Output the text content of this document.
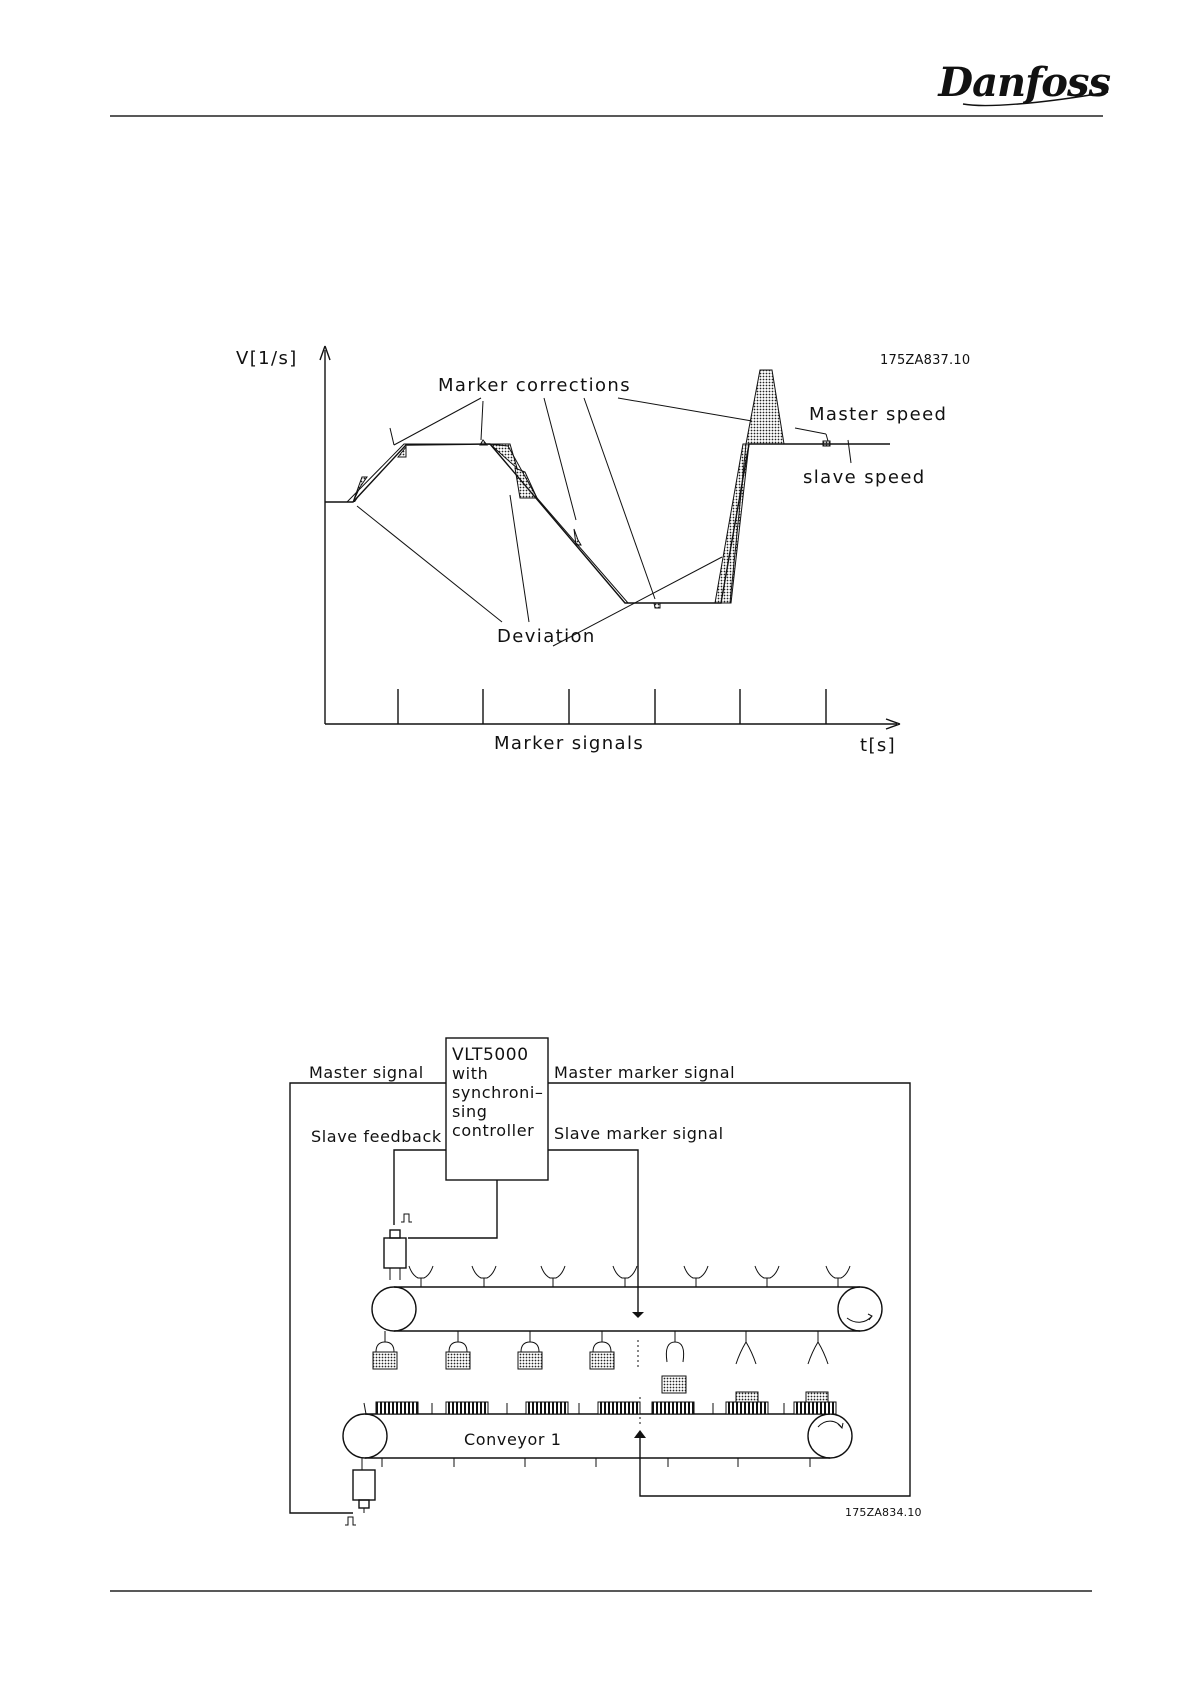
Danfoss
V[1/s]	175ZA837.10
Marker corrections
Master speed
slave speed
Deviation
Marker signals	t[s]
VLT5000
with
synchroni–
sing
controller
Master signal	Master marker signal
Slave feedback	Slave marker signal
Conveyor 1
175ZA834.10
